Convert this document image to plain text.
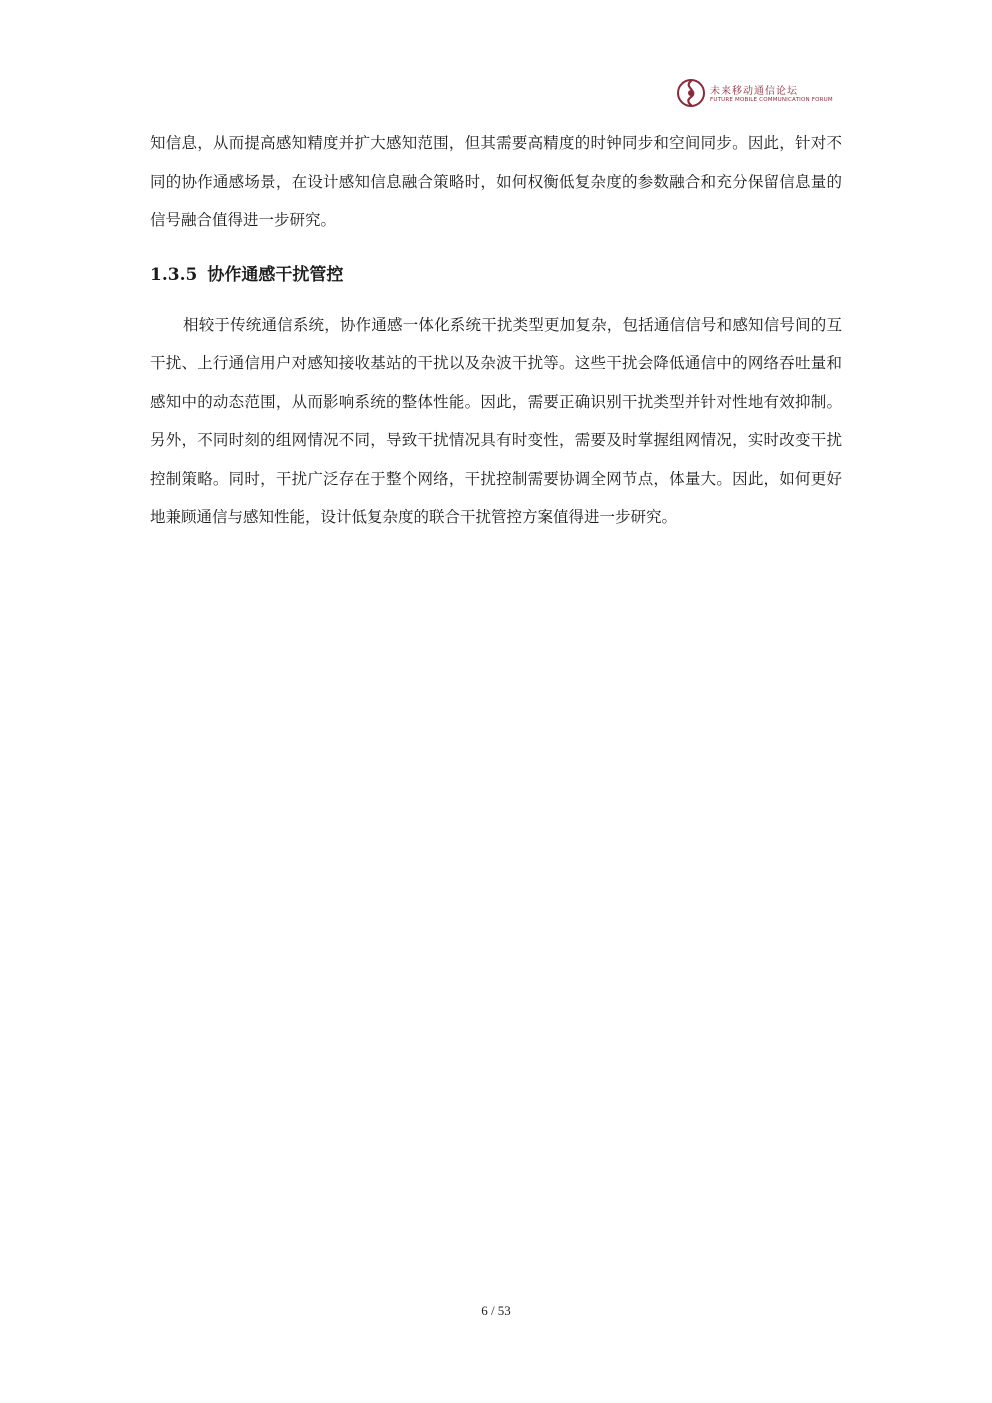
未来移动通信论坛
FUTURE MOBILE COMMUNICATION FORUM

知信息，从而提高感知精度并扩大感知范围，但其需要高精度的时钟同步和空间同步。因此，针对不同的协作通感场景，在设计感知信息融合策略时，如何权衡低复杂度的参数融合和充分保留信息量的信号融合值得进一步研究。

1.3.5 协作通感干扰管控

相较于传统通信系统，协作通感一体化系统干扰类型更加复杂，包括通信信号和感知信号间的互干扰、上行通信用户对感知接收基站的干扰以及杂波干扰等。这些干扰会降低通信中的网络吞吐量和感知中的动态范围，从而影响系统的整体性能。因此，需要正确识别干扰类型并针对性地有效抑制。另外，不同时刻的组网情况不同，导致干扰情况具有时变性，需要及时掌握组网情况，实时改变干扰控制策略。同时，干扰广泛存在于整个网络，干扰控制需要协调全网节点，体量大。因此，如何更好地兼顾通信与感知性能，设计低复杂度的联合干扰管控方案值得进一步研究。

6 / 53
